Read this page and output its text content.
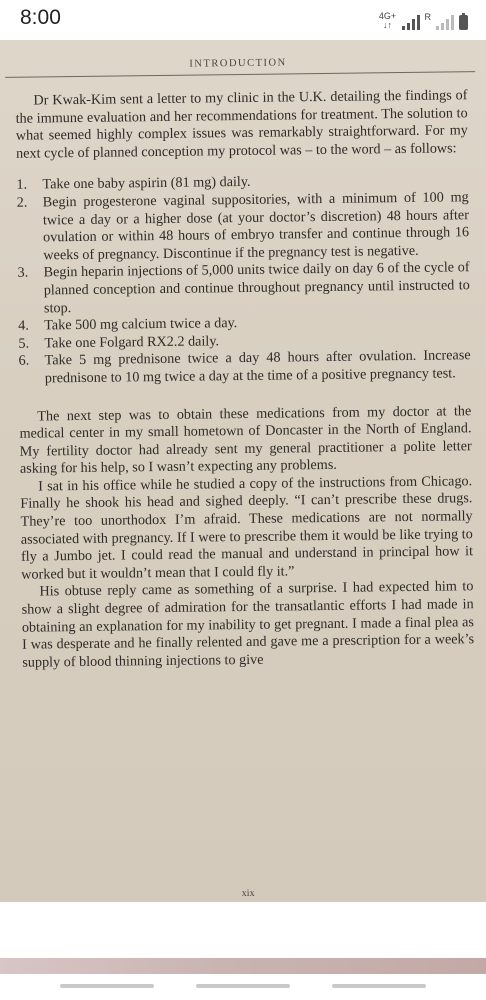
8:00	4G+
↓↑
R
INTRODUCTION

Dr Kwak-Kim sent a letter to my clinic in the U.K. detailing the findings of the immune evaluation and her recommendations for treatment. The solution to what seemed highly complex issues was remarkably straightforward. For my next cycle of planned conception my protocol was – to the word – as follows:

1.	Take one baby aspirin (81 mg) daily.
2.	Begin progesterone vaginal suppositories, with a minimum of 100 mg twice a day or a higher dose (at your doctor’s discretion) 48 hours after ovulation or within 48 hours of embryo transfer and continue through 16 weeks of pregnancy. Discontinue if the pregnancy test is negative.
3.	Begin heparin injections of 5,000 units twice daily on day 6 of the cycle of planned conception and continue throughout pregnancy until instructed to stop.
4.	Take 500 mg calcium twice a day.
5.	Take one Folgard RX2.2 daily.
6.	Take 5 mg prednisone twice a day 48 hours after ovulation. Increase prednisone to 10 mg twice a day at the time of a positive pregnancy test.

The next step was to obtain these medications from my doctor at the medical center in my small hometown of Doncaster in the North of England. My fertility doctor had already sent my general practitioner a polite letter asking for his help, so I wasn’t expecting any problems.

I sat in his office while he studied a copy of the instructions from Chicago. Finally he shook his head and sighed deeply. “I can’t prescribe these drugs. They’re too unorthodox I’m afraid. These medications are not normally associated with pregnancy. If I were to prescribe them it would be like trying to fly a Jumbo jet. I could read the manual and understand in principal how it worked but it wouldn’t mean that I could fly it.”

His obtuse reply came as something of a surprise. I had expected him to show a slight degree of admiration for the transatlantic efforts I had made in obtaining an explanation for my inability to get pregnant. I made a final plea as I was desperate and he finally relented and gave me a prescription for a week’s supply of blood thinning injections to give

xix
